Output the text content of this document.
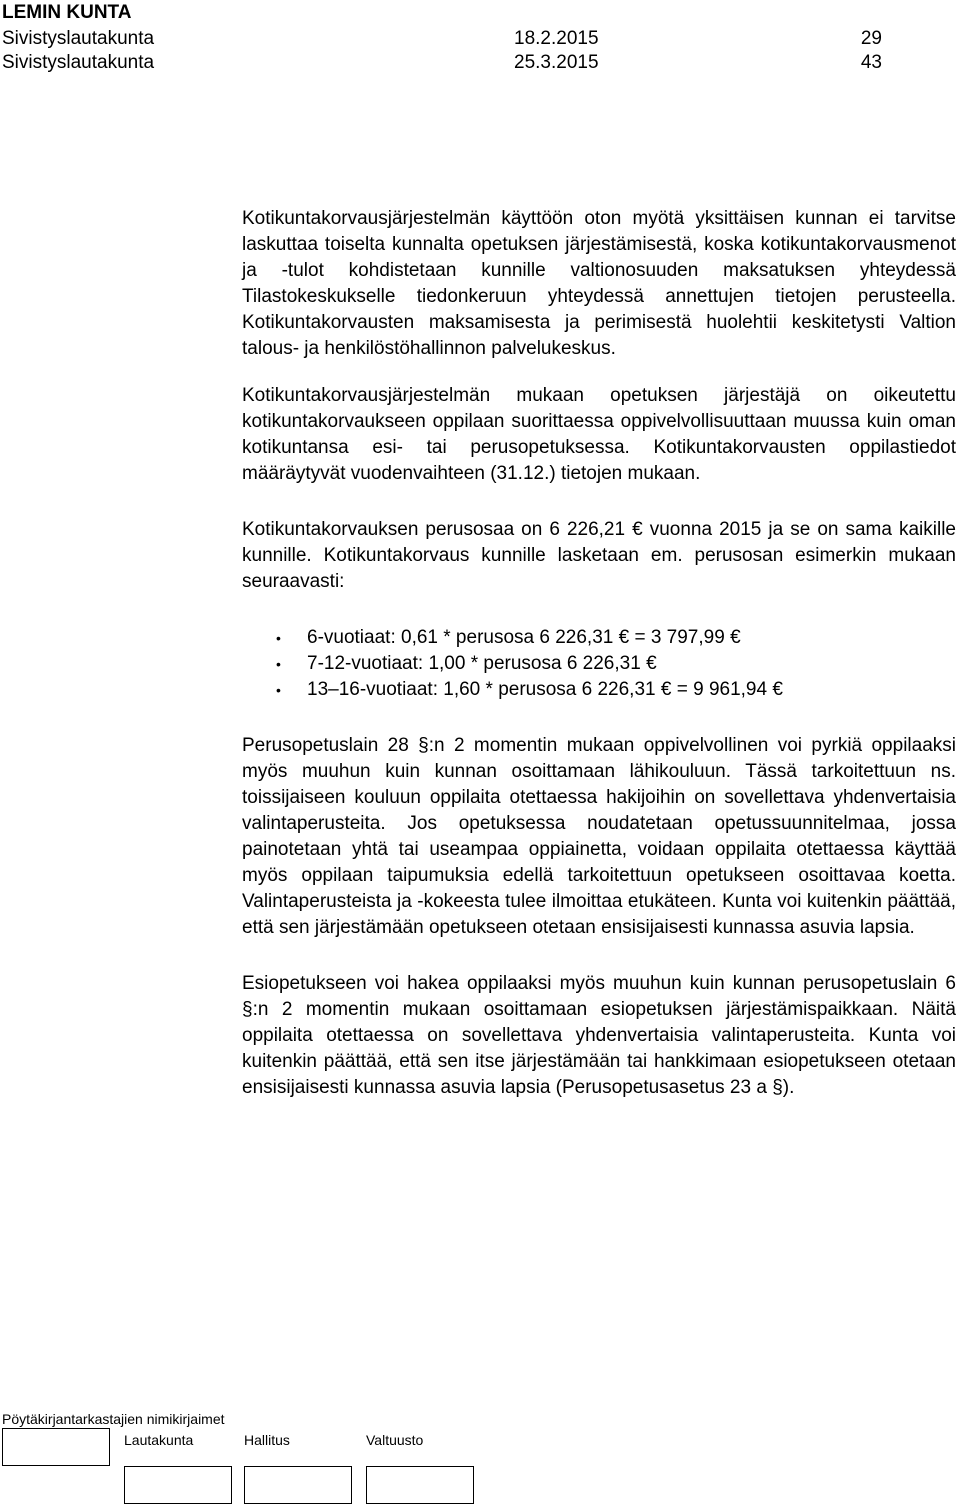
LEMIN KUNTA
Sivistyslautakunta	18.2.2015	29
Sivistyslautakunta	25.3.2015	43

Kotikuntakorvausjärjestelmän käyttöön oton myötä yksittäisen kunnan ei tarvitse laskuttaa toiselta kunnalta opetuksen järjestämisestä, koska kotikuntakorvausmenot ja -tulot kohdistetaan kunnille valtionosuuden maksatuksen yhteydessä Tilastokeskukselle tiedonkeruun yhteydessä annettujen tietojen perusteella. Kotikuntakorvausten maksamisesta ja perimisestä huolehtii keskitetysti Valtion talous- ja henkilöstöhallinnon palvelukeskus.

Kotikuntakorvausjärjestelmän mukaan opetuksen järjestäjä on oikeutettu kotikuntakorvaukseen oppilaan suorittaessa oppivelvollisuuttaan muussa kuin oman kotikuntansa esi- tai perusopetuksessa. Kotikuntakorvausten oppilastiedot määräytyvät vuodenvaihteen (31.12.) tietojen mukaan.

Kotikuntakorvauksen perusosaa on 6 226,21 € vuonna 2015 ja se on sama kaikille kunnille. Kotikuntakorvaus kunnille lasketaan em. perusosan esimerkin mukaan seuraavasti:

• 6-vuotiaat: 0,61 * perusosa 6 226,31 € = 3 797,99 €
• 7-12-vuotiaat: 1,00 * perusosa 6 226,31 €
• 13–16-vuotiaat: 1,60 * perusosa 6 226,31 € = 9 961,94 €

Perusopetuslain 28 §:n 2 momentin mukaan oppivelvollinen voi pyrkiä oppilaaksi myös muuhun kuin kunnan osoittamaan lähikouluun. Tässä tarkoitettuun ns. toissijaiseen kouluun oppilaita otettaessa hakijoihin on sovellettava yhdenvertaisia valintaperusteita. Jos opetuksessa noudatetaan opetussuunnitelmaa, jossa painotetaan yhtä tai useampaa oppiainetta, voidaan oppilaita otettaessa käyttää myös oppilaan taipumuksia edellä tarkoitettuun opetukseen osoittavaa koetta. Valintaperusteista ja -kokeesta tulee ilmoittaa etukäteen. Kunta voi kuitenkin päättää, että sen järjestämään opetukseen otetaan ensisijaisesti kunnassa asuvia lapsia.

Esiopetukseen voi hakea oppilaaksi myös muuhun kuin kunnan perusopetuslain 6 §:n 2 momentin mukaan osoittamaan esiopetuksen järjestämispaikkaan. Näitä oppilaita otettaessa on sovellettava yhdenvertaisia valintaperusteita. Kunta voi kuitenkin päättää, että sen itse järjestämään tai hankkimaan esiopetukseen otetaan ensisijaisesti kunnassa asuvia lapsia (Perusopetusasetus 23 a §).

Pöytäkirjantarkastajien nimikirjaimet
Lautakunta	Hallitus	Valtuusto
